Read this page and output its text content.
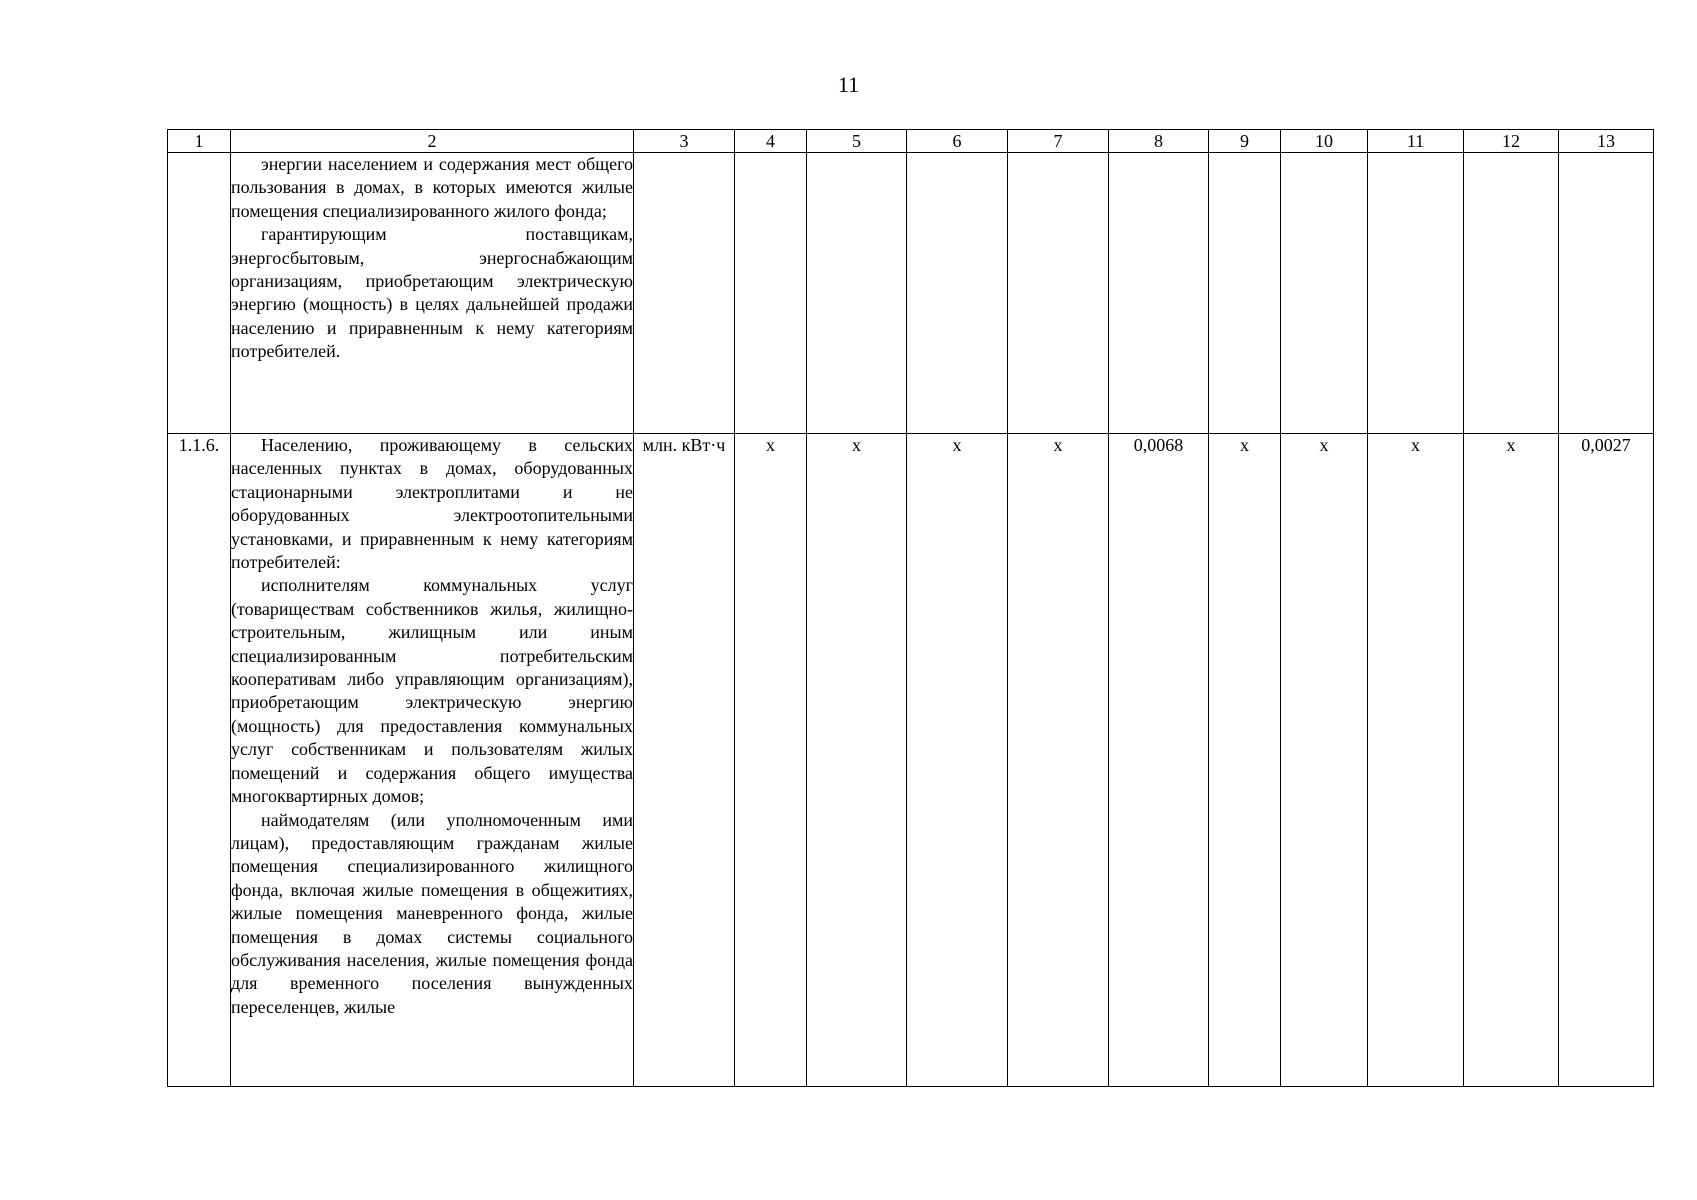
11
1	2	3	4	5	6	7	8	9	10	11	12	13

	энергии населением и содержания мест общего пользования в домах, в которых имеются жилые помещения специализированного жилого фонда;
гарантирующим поставщикам, энергосбытовым, энергоснабжающим организациям, приобретающим электрическую энергию (мощность) в целях дальнейшей продажи населению и приравненным к нему категориям потребителей.											

1.1.6.	Населению, проживающему в сельских населенных пунктах в домах, оборудованных стационарными электроплитами и не оборудованных электроотопительными установками, и приравненным к нему категориям потребителей:
исполнителям коммунальных услуг (товариществам собственников жилья, жилищно-строительным, жилищным или иным специализированным потребительским кооперативам либо управляющим организациям), приобретающим электрическую энергию (мощность) для предоставления коммунальных услуг собственникам и пользователям жилых помещений и содержания общего имущества многоквартирных домов;
наймодателям (или уполномоченным ими лицам), предоставляющим гражданам жилые помещения специализированного жилищного фонда, включая жилые помещения в общежитиях, жилые помещения маневренного фонда, жилые помещения в домах системы социального обслуживания населения, жилые помещения фонда для временного поселения вынужденных переселенцев, жилые	млн. кВт·ч	х	х	х	х	0,0068	х	х	х	х	0,0027
